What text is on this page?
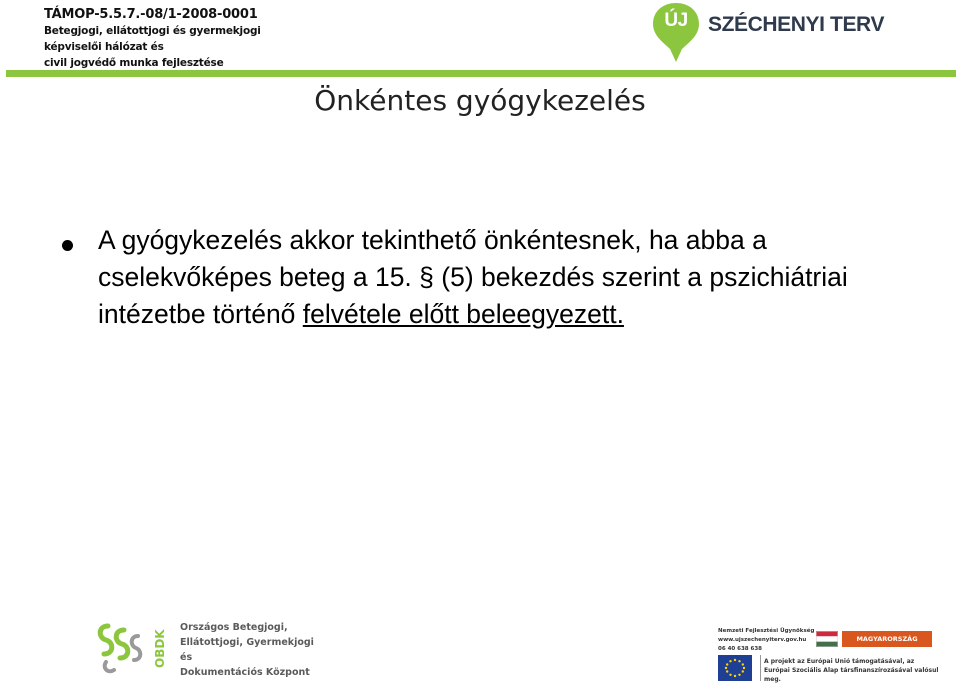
TÁMOP-5.5.7.-08/1-2008-0001
Betegjogi, ellátottjogi és gyermekjogi
képviselői hálózat és
civil jogvédő munka fejlesztése
ÚJ SZÉCHENYI TERV
Önkéntes gyógykezelés

A gyógykezelés akkor tekinthető önkéntesnek, ha abba a cselekvőképes beteg a 15. § (5) bekezdés szerint a pszichiátriai intézetbe történő felvétele előtt beleegyezett.

OBDK
Országos Betegjogi,
Ellátottjogi, Gyermekjogi és
Dokumentációs Központ
Nemzeti Fejlesztési Ügynökség
www.ujszechenyiterv.gov.hu
06 40 638 638
MAGYARORSZÁG MEGÚJUL
A projekt az Európai Unió támogatásával, az Európai Szociális Alap társfinanszírozásával valósul meg.
